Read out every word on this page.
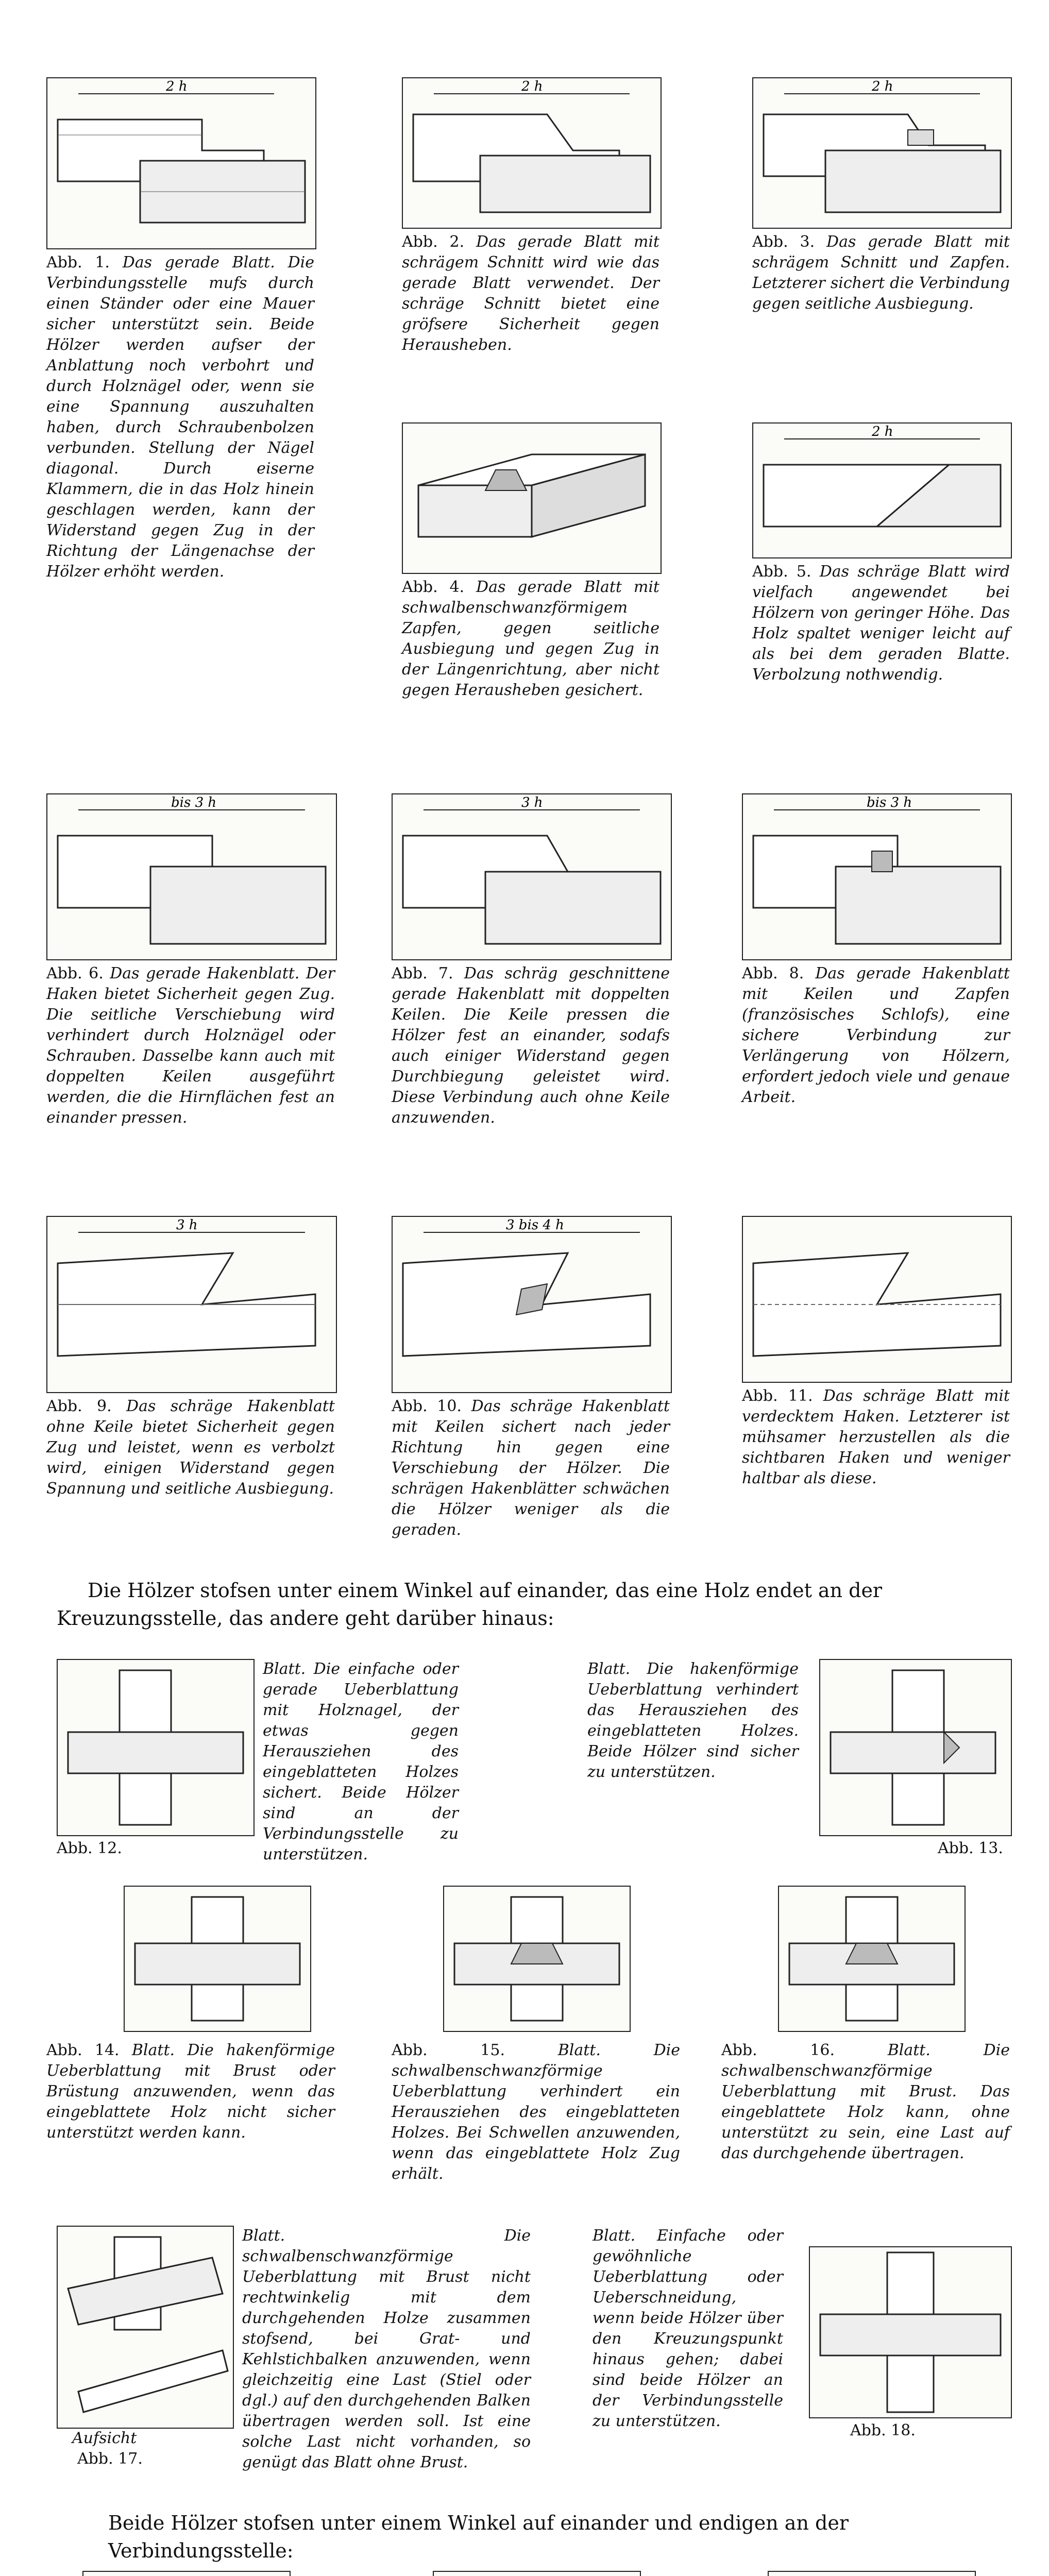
2 h
Abb. 1. Das gerade Blatt. Die Verbindungsstelle mufs durch einen Ständer oder eine Mauer sicher unterstützt sein. Beide Hölzer werden aufser der Anblattung noch verbohrt und durch Holznägel oder, wenn sie eine Spannung auszuhalten haben, durch Schraubenbolzen verbunden. Stellung der Nägel diagonal. Durch eiserne Klammern, die in das Holz hinein geschlagen werden, kann der Widerstand gegen Zug in der Richtung der Längenachse der Hölzer erhöht werden.
2 h
Abb. 2. Das gerade Blatt mit schrägem Schnitt wird wie das gerade Blatt verwendet. Der schräge Schnitt bietet eine gröfsere Sicherheit gegen Herausheben.
2 h
Abb. 3. Das gerade Blatt mit schrägem Schnitt und Zapfen. Letzterer sichert die Verbindung gegen seitliche Ausbiegung.
Abb. 4. Das gerade Blatt mit schwalbenschwanzförmigem Zapfen, gegen seitliche Ausbiegung und gegen Zug in der Längenrichtung, aber nicht gegen Herausheben gesichert.
2 h
Abb. 5. Das schräge Blatt wird vielfach angewendet bei Hölzern von geringer Höhe. Das Holz spaltet weniger leicht auf als bei dem geraden Blatte. Verbolzung nothwendig.
bis 3 h
Abb. 6. Das gerade Hakenblatt. Der Haken bietet Sicherheit gegen Zug. Die seitliche Verschiebung wird verhindert durch Holznägel oder Schrauben. Dasselbe kann auch mit doppelten Keilen ausgeführt werden, die die Hirnflächen fest an einander pressen.
3 h
Abb. 7. Das schräg geschnittene gerade Hakenblatt mit doppelten Keilen. Die Keile pressen die Hölzer fest an einander, sodafs auch einiger Widerstand gegen Durchbiegung geleistet wird. Diese Verbindung auch ohne Keile anzuwenden.
bis 3 h
Abb. 8. Das gerade Hakenblatt mit Keilen und Zapfen (französisches Schlofs), eine sichere Verbindung zur Verlängerung von Hölzern, erfordert jedoch viele und genaue Arbeit.
3 h
Abb. 9. Das schräge Hakenblatt ohne Keile bietet Sicherheit gegen Zug und leistet, wenn es verbolzt wird, einigen Widerstand gegen Spannung und seitliche Ausbiegung.
3 bis 4 h
Abb. 10. Das schräge Hakenblatt mit Keilen sichert nach jeder Richtung hin gegen eine Verschiebung der Hölzer. Die schrägen Hakenblätter schwächen die Hölzer weniger als die geraden.
Abb. 11. Das schräge Blatt mit verdecktem Haken. Letzterer ist mühsamer herzustellen als die sichtbaren Haken und weniger haltbar als diese.
Die Hölzer stofsen unter einem Winkel auf einander, das eine Holz endet an der Kreuzungsstelle, das andere geht darüber hinaus:
Abb. 12.
Blatt. Die einfache oder gerade Ueberblattung mit Holznagel, der etwas gegen Herausziehen des eingeblatteten Holzes sichert. Beide Hölzer sind an der Verbindungsstelle zu unterstützen.
Blatt. Die hakenförmige Ueberblattung verhindert das Herausziehen des eingeblatteten Holzes. Beide Hölzer sind sicher zu unterstützen.
Abb. 13.
Abb. 14. Blatt. Die hakenförmige Ueberblattung mit Brust oder Brüstung anzuwenden, wenn das eingeblattete Holz nicht sicher unterstützt werden kann.
Abb. 15.	Blatt. Die schwalbenschwanzförmige Ueberblattung verhindert ein Herausziehen des eingeblatteten Holzes. Bei Schwellen anzuwenden, wenn das eingeblattete Holz Zug erhält.
Abb. 16.	Blatt. Die schwalbenschwanzförmige Ueberblattung mit Brust. Das eingeblattete Holz kann, ohne unterstützt zu sein, eine Last auf das durchgehende übertragen.
Aufsicht
Abb. 17.
Blatt. Die schwalbenschwanzförmige Ueberblattung mit Brust nicht rechtwinkelig mit dem durchgehenden Holze zusammen stofsend, bei Grat- und Kehlstichbalken anzuwenden, wenn gleichzeitig eine Last (Stiel oder dgl.) auf den durchgehenden Balken übertragen werden soll. Ist eine solche Last nicht vorhanden, so genügt das Blatt ohne Brust.
Blatt. Einfache oder gewöhnliche Ueberblattung oder Ueberschneidung, wenn beide Hölzer über den Kreuzungspunkt hinaus gehen; dabei sind beide Hölzer an der Verbindungsstelle zu unterstützen.
Abb. 18.
Beide Hölzer stofsen unter einem Winkel auf einander und endigen an der Verbindungsstelle:
